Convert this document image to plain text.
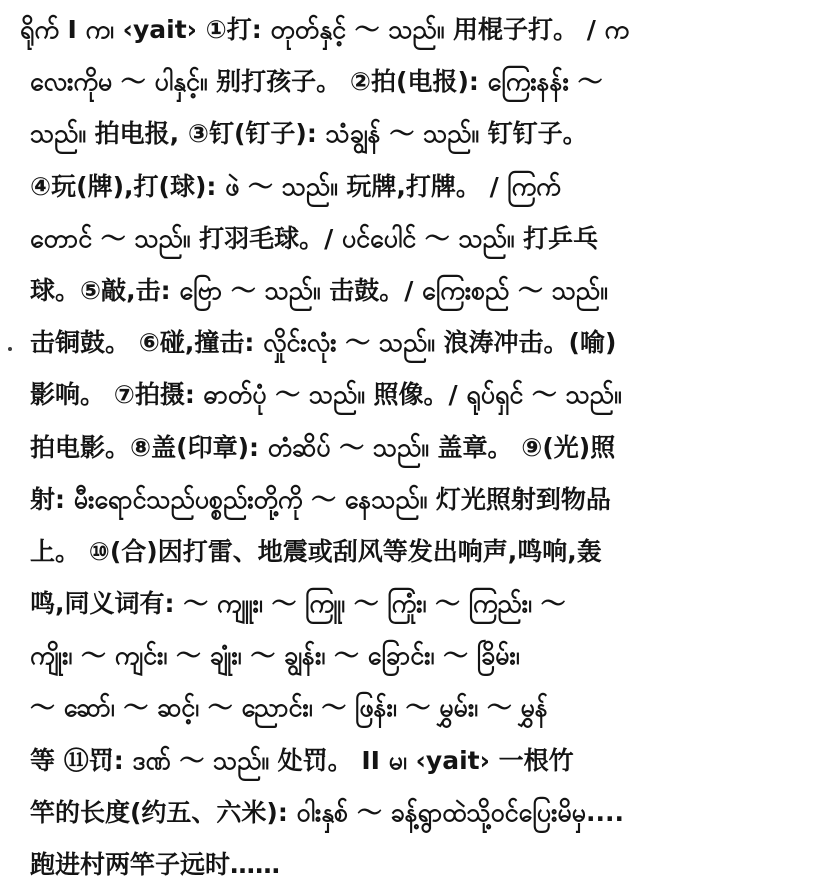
ရိုက် I က၊ ‹yait› ①打: တုတ်နှင့် ～ သည်။ 用棍子打。 / က
လေးကိုမ ～ ပါနှင့်။ 别打孩子。 ②拍(电报): ကြေးနန်း ～
သည်။ 拍电报, ③钉(钉子): သံချွန် ～ သည်။ 钉钉子。
④玩(牌),打(球): ဖဲ ～ သည်။ 玩牌,打牌。 / ကြက်
တောင် ～ သည်။ 打羽毛球。/ ပင်ပေါင် ～ သည်။ 打乒乓
球。⑤敲,击: ဗြော ～ သည်။ 击鼓。/ ကြေးစည် ～ သည်။
击铜鼓。 ⑥碰,撞击: လှိုင်းလုံး ～ သည်။ 浪涛冲击。(喻)
影响。 ⑦拍摄: ဓာတ်ပုံ ～ သည်။ 照像。/ ရုပ်ရှင် ～ သည်။
拍电影。⑧盖(印章): တံဆိပ် ～ သည်။ 盖章。 ⑨(光)照
射: မီးရောင်သည်ပစ္စည်းတို့ကို ～ နေသည်။ 灯光照射到物品
上。 ⑩(合)因打雷、地震或刮风等发出响声,鸣响,轰
鸣,同义词有: ～ ကျူး၊ ～ ကြူ၊ ～ ကြုံး၊ ～ ကြည်း၊ ～
ကျိုး၊ ～ ကျင်း၊ ～ ချုံး၊ ～ ချွန်း၊ ～ ခြောင်း၊ ～ ခြိမ်း၊
～ ဆော်၊ ～ ဆင့်၊ ～ ညောင်း၊ ～ ဖြန်း၊ ～ မွှမ်း၊ ～ မွှန်
等 ⑪罚: ဒဏ် ～ သည်။ 处罚。 II မ၊ ‹yait› 一根竹
竿的长度(约五、六米): ဝါးနှစ် ～ ခန့်ရွာထဲသို့ဝင်ပြေးမိမှ....
跑进村两竿子远时……
